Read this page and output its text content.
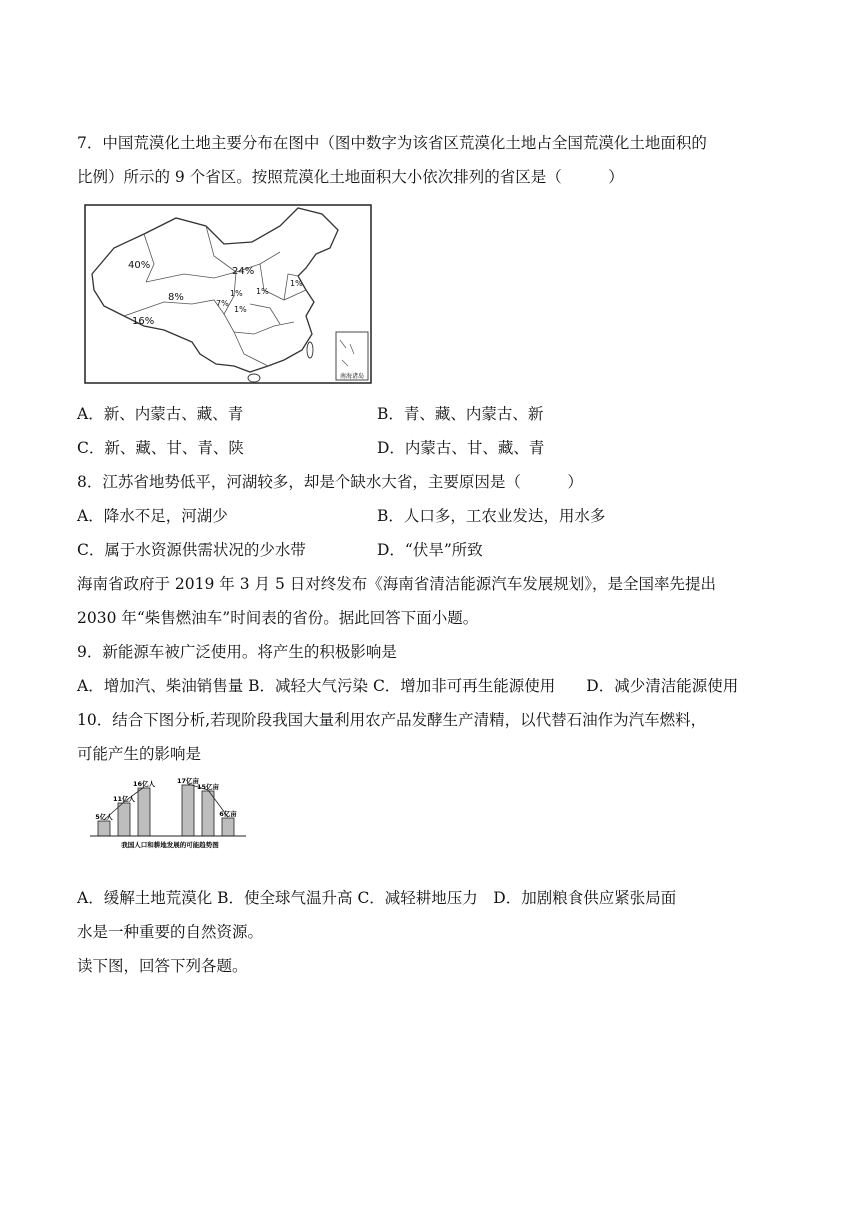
7．中国荒漠化土地主要分布在图中（图中数字为该省区荒漠化土地占全国荒漠化土地面积的
比例）所示的 9 个省区。按照荒漠化土地面积大小依次排列的省区是（　　　）
南海诸岛
40%
24%
8%
16%
1%
1%
7%
1%
1%
A．新、内蒙古、藏、青	B．青、藏、内蒙古、新
C．新、藏、甘、青、陕	D．内蒙古、甘、藏、青
8．江苏省地势低平，河湖较多，却是个缺水大省，主要原因是（　　　）
A．降水不足，河湖少	B．人口多，工农业发达，用水多
C．属于水资源供需状况的少水带	D．“伏旱”所致
海南省政府于 2019 年 3 月 5 日对终发布《海南省清洁能源汽车发展规划》，是全国率先提出
2030 年“柴售燃油车”时间表的省份。据此回答下面小题。
9．新能源车被广泛使用。将产生的积极影响是
A．增加汽、柴油销售量 B．减轻大气污染 C．增加非可再生能源使用　　D．减少清洁能源使用
10．结合下图分析,若现阶段我国大量利用农产品发酵生产清精，以代替石油作为汽车燃料，
可能产生的影响是
5亿人
11亿人
16亿人	17亿亩
15亿亩
6亿亩
我国人口和耕地发展的可能趋势图
A．缓解土地荒漠化 B．使全球气温升高 C．减轻耕地压力　D．加剧粮食供应紧张局面
水是一种重要的自然资源。
读下图，回答下列各题。
